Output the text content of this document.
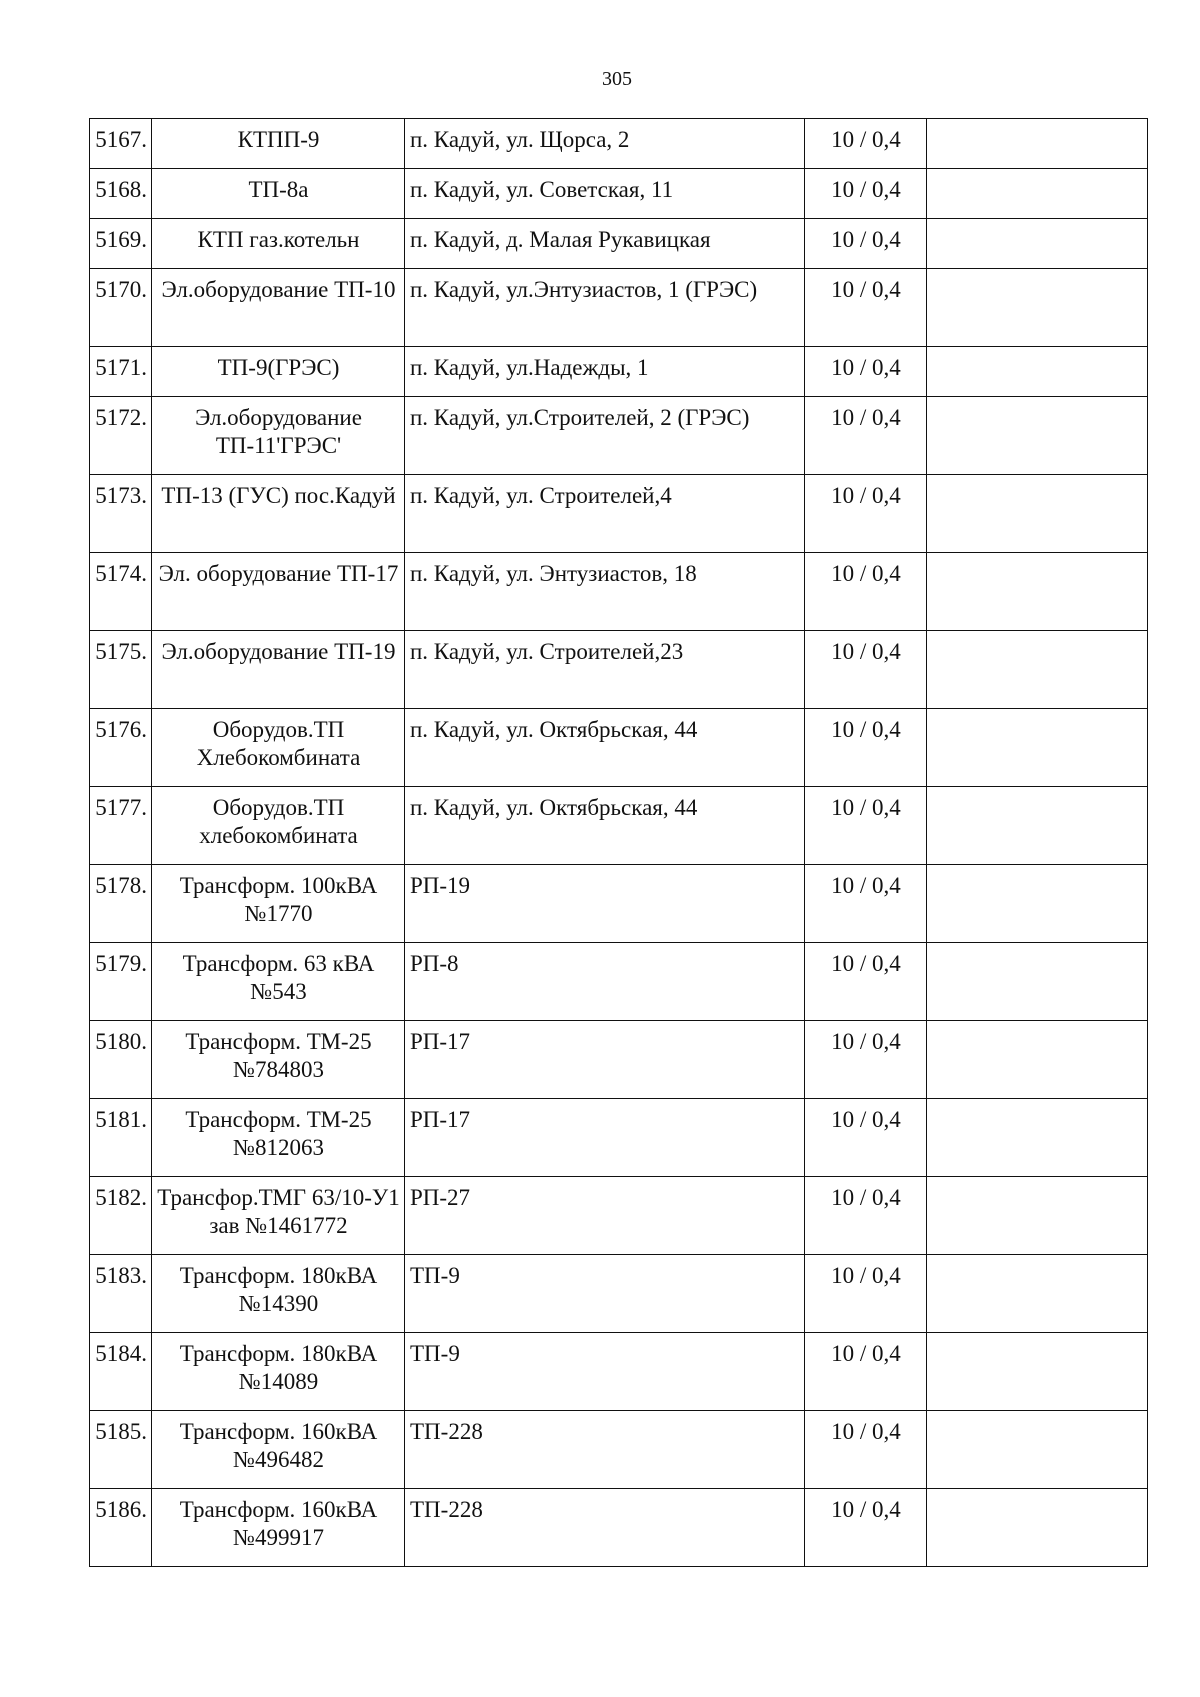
305
5167.	КТПП-9	п. Кадуй, ул. Щорса, 2	10 / 0,4	
5168.	ТП-8а	п. Кадуй, ул. Советская, 11	10 / 0,4	
5169.	КТП газ.котельн	п. Кадуй, д. Малая Рукавицкая	10 / 0,4	
5170.	Эл.оборудование ТП-10	п. Кадуй, ул.Энтузиастов, 1 (ГРЭС)	10 / 0,4	
5171.	ТП-9(ГРЭС)	п. Кадуй, ул.Надежды, 1	10 / 0,4	
5172.	Эл.оборудование ТП-11'ГРЭС'	п. Кадуй, ул.Строителей, 2 (ГРЭС)	10 / 0,4	
5173.	ТП-13 (ГУС) пос.Кадуй	п. Кадуй, ул. Строителей,4	10 / 0,4	
5174.	Эл. оборудование ТП-17	п. Кадуй, ул. Энтузиастов, 18	10 / 0,4	
5175.	Эл.оборудование ТП-19	п. Кадуй, ул. Строителей,23	10 / 0,4	
5176.	Оборудов.ТП Хлебокомбината	п. Кадуй, ул. Октябрьская, 44	10 / 0,4	
5177.	Оборудов.ТП хлебокомбината	п. Кадуй, ул. Октябрьская, 44	10 / 0,4	
5178.	Трансформ. 100кВА №1770	РП-19	10 / 0,4	
5179.	Трансформ. 63 кВА №543	РП-8	10 / 0,4	
5180.	Трансформ. ТМ-25 №784803	РП-17	10 / 0,4	
5181.	Трансформ. ТМ-25 №812063	РП-17	10 / 0,4	
5182.	Трансфор.ТМГ 63/10-У1 зав №1461772	РП-27	10 / 0,4	
5183.	Трансформ. 180кВА №14390	ТП-9	10 / 0,4	
5184.	Трансформ. 180кВА №14089	ТП-9	10 / 0,4	
5185.	Трансформ. 160кВА №496482	ТП-228	10 / 0,4	
5186.	Трансформ. 160кВА №499917	ТП-228	10 / 0,4	
